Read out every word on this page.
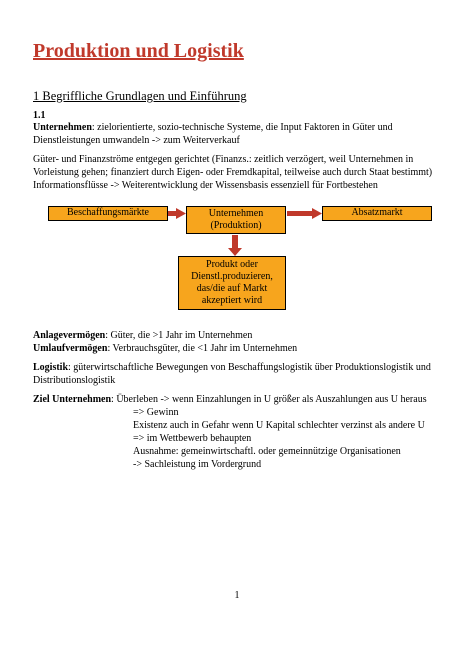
Produktion und Logistik
1 Begriffliche Grundlagen und Einführung
1.1
Unternehmen: zielorientierte, sozio-technische Systeme, die Input Faktoren in Güter und
Dienstleistungen umwandeln -> zum Weiterverkauf
Güter- und Finanzströme entgegen gerichtet (Finanzs.: zeitlich verzögert, weil Unternehmen in
Vorleistung gehen; finanziert durch Eigen- oder Fremdkapital, teilweise auch durch Staat bestimmt)
Informationsflüsse -> Weiterentwicklung der Wissensbasis essenziell für Fortbestehen
Beschaffungsmärkte	Unternehmen
(Produktion)
Absatzmarkt
Produkt oder
Dienstl.produzieren,
das/die auf Markt
akzeptiert wird
Anlagevermögen: Güter, die >1 Jahr im Unternehmen
Umlaufvermögen: Verbrauchsgüter, die <1 Jahr im Unternehmen
Logistik: güterwirtschaftliche Bewegungen von Beschaffungslogistik über Produktionslogistik und
Distributionslogistik
Ziel Unternehmen: Überleben -> wenn Einzahlungen in U größer als Auszahlungen aus U heraus
=> Gewinn
Existenz auch in Gefahr wenn U Kapital schlechter verzinst als andere U
=> im Wettbewerb behaupten
Ausnahme: gemeinwirtschaftl. oder gemeinnützige Organisationen
-> Sachleistung im Vordergrund
1
